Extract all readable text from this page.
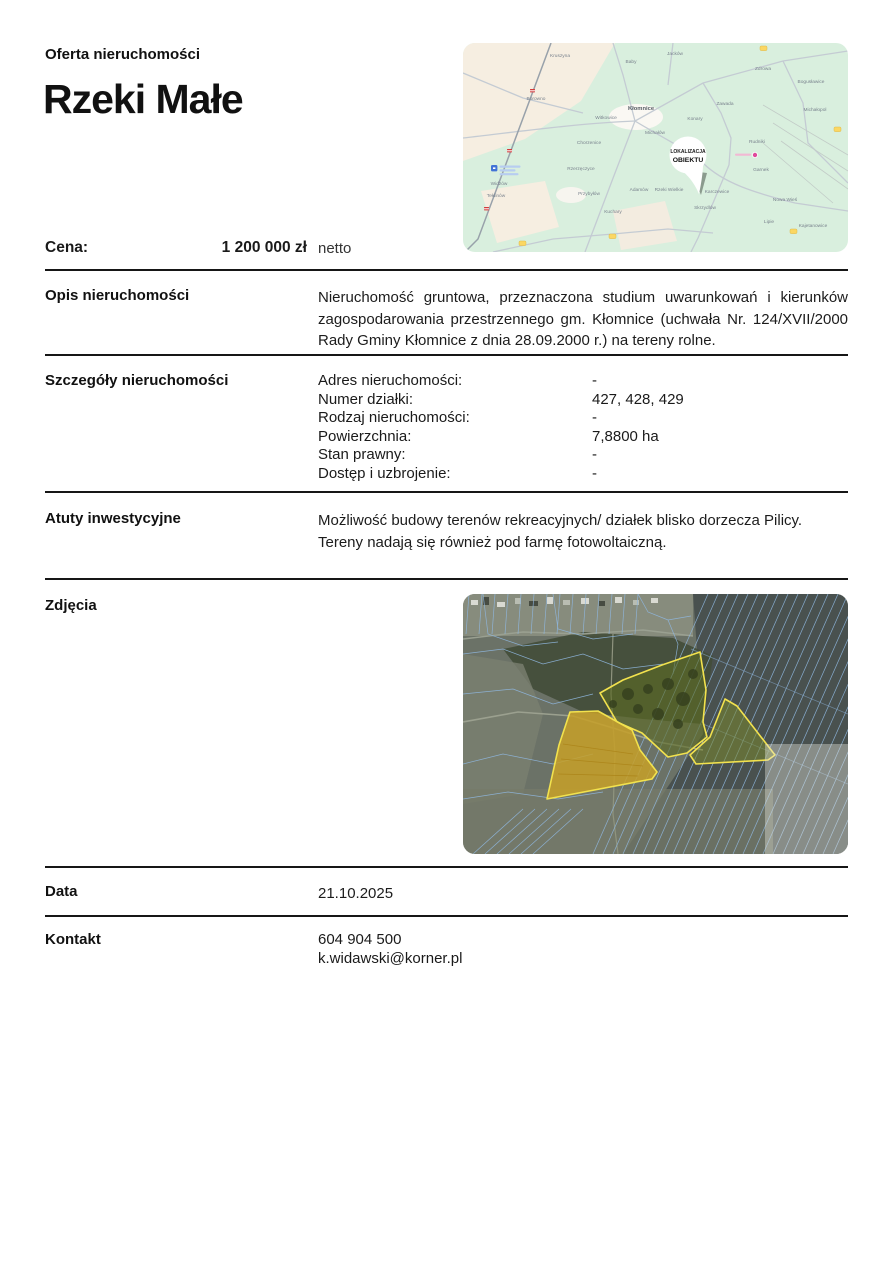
Oferta nieruchomości
Rzeki Małe
Kruszyna
Baby
Jacków
Zdrowa
Bogusławice
Borowno
Witkowice
Kłomnice
Michałów
Konary
Zawada
Skrzydlów
Chorzenice
Rzerzęczyce
Karczewice
Garnek
Rudniki
Adamów
Kuchary
Przybyłów
Rzeki Wielkie
Nowa Wieś
Michałopol
Kajetanowice
Lipie
Widzów
Teklinów
LOKALIZACJA
OBIEKTU
Cena:	1 200 000 zł netto
Opis nieruchomości	Nieruchomość gruntowa, przeznaczona studium uwarunkowań i kierunków zagospodarowania przestrzennego gm. Kłomnice (uchwała Nr. 124/XVII/2000 Rady Gminy Kłomnice z dnia 28.09.2000 r.) na tereny rolne.
Szczegóły nieruchomości	Adres nieruchomości:	-
Numer działki:	427, 428, 429
Rodzaj nieruchomości:	-
Powierzchnia:	7,8800 ha
Stan prawny:	-
Dostęp i uzbrojenie:	-
Atuty inwestycyjne	Możliwość budowy terenów rekreacyjnych/ działek blisko dorzecza Pilicy. Tereny nadają się również pod farmę fotowoltaiczną.
Zdjęcia
Data	21.10.2025
Kontakt	604 904 500
k.widawski@korner.pl
